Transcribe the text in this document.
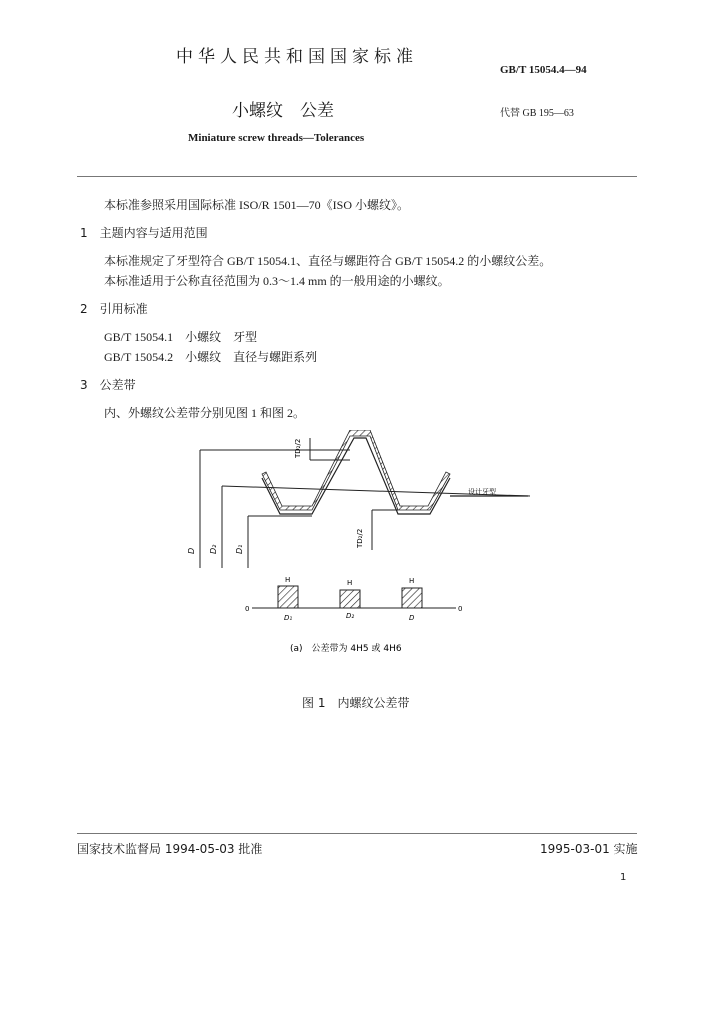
中华人民共和国国家标准
GB/T 15054.4—94
小螺纹　公差	代替 GB 195—63
Miniature screw threads—Tolerances
本标准参照采用国际标准 ISO/R 1501—70《ISO 小螺纹》。
1　主题内容与适用范围
本标准规定了牙型符合 GB/T 15054.1、直径与螺距符合 GB/T 15054.2 的小螺纹公差。
本标准适用于公称直径范围为 0.3～1.4 mm 的一般用途的小螺纹。
2　引用标准
GB/T 15054.1　小螺纹　牙型
GB/T 15054.2　小螺纹　直径与螺距系列
3　公差带
内、外螺纹公差带分别见图 1 和图 2。
TD₂/2
TD₂/2
设计牙型
D D₂ D₁
H	H	H
0	0
D₁	D₂	D
(a)　公差带为 4H5 或 4H6
图 1　内螺纹公差带
国家技术监督局 1994-05-03 批准	1995-03-01 实施
1
